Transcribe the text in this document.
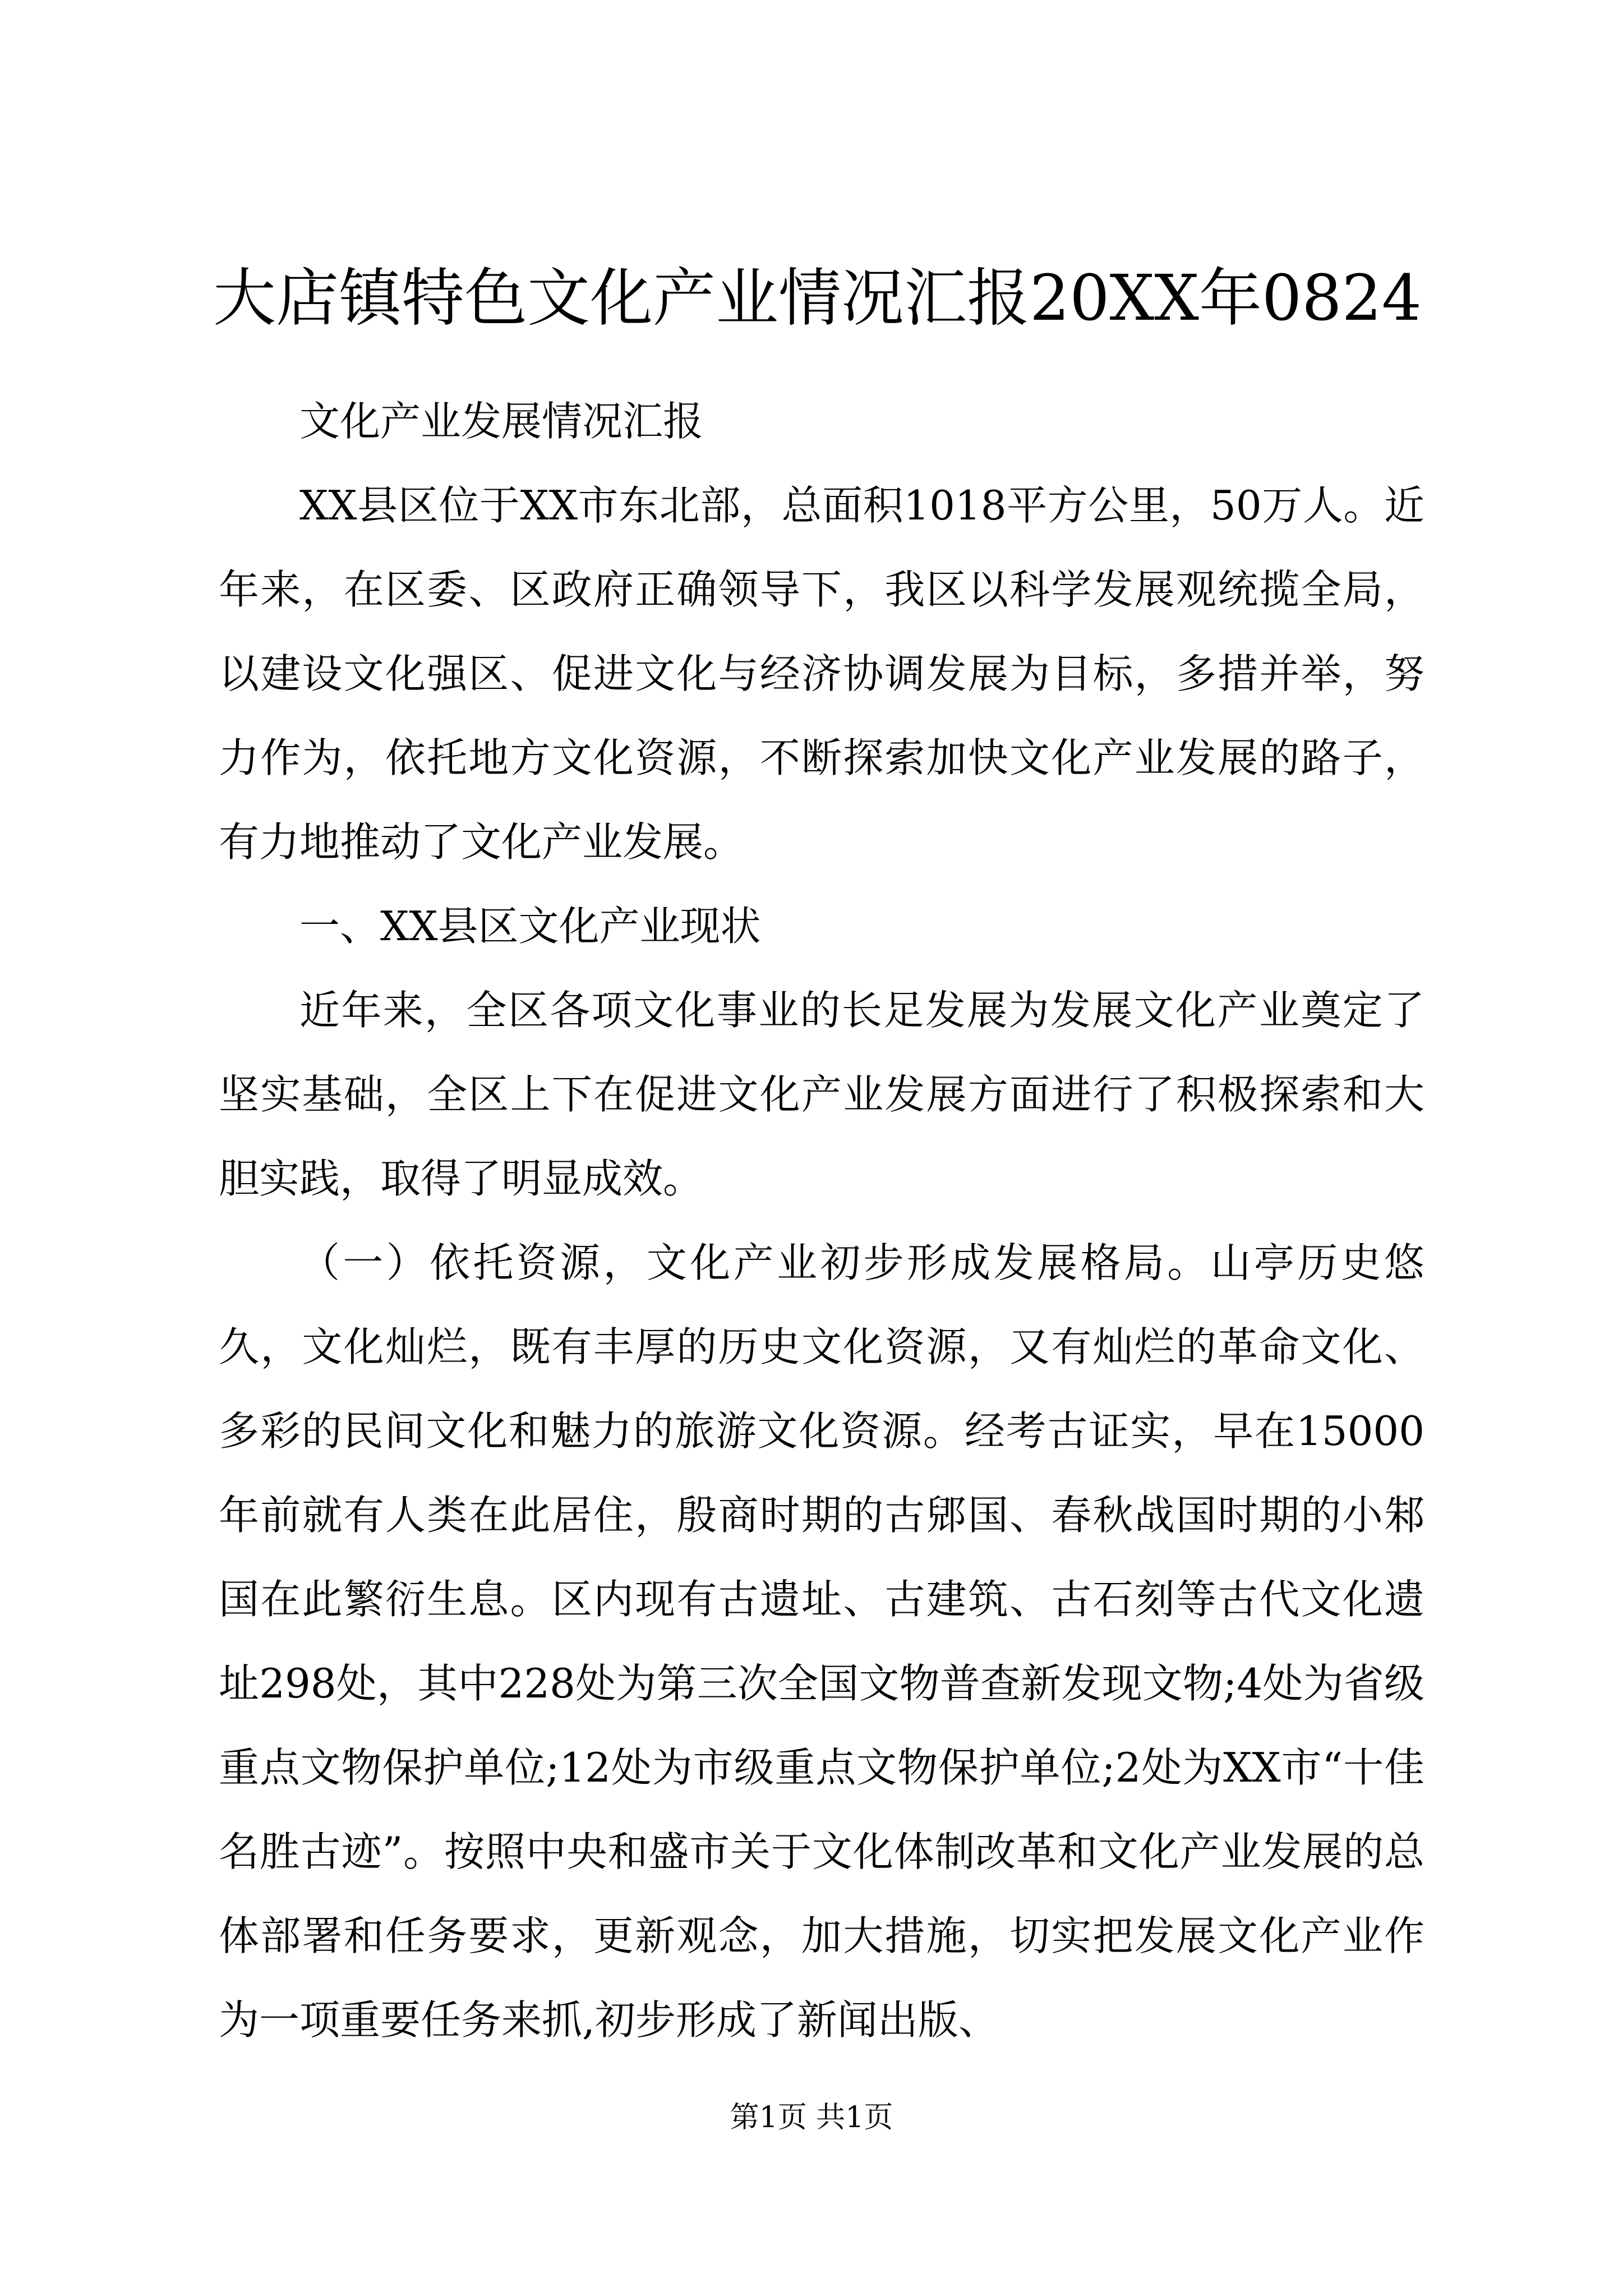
大店镇特色文化产业情况汇报20XX年0824

文化产业发展情况汇报

XX县区位于XX市东北部，总面积1018平方公里，50万人。近年来，在区委、区政府正确领导下，我区以科学发展观统揽全局，以建设文化强区、促进文化与经济协调发展为目标，多措并举，努力作为，依托地方文化资源，不断探索加快文化产业发展的路子，有力地推动了文化产业发展。

一、XX县区文化产业现状

近年来，全区各项文化事业的长足发展为发展文化产业奠定了坚实基础，全区上下在促进文化产业发展方面进行了积极探索和大胆实践，取得了明显成效。

（一）依托资源，文化产业初步形成发展格局。山亭历史悠久，文化灿烂，既有丰厚的历史文化资源，又有灿烂的革命文化、多彩的民间文化和魅力的旅游文化资源。经考古证实，早在15000年前就有人类在此居住，殷商时期的古郳国、春秋战国时期的小邾国在此繁衍生息。区内现有古遗址、古建筑、古石刻等古代文化遗址298处，其中228处为第三次全国文物普查新发现文物;4处为省级重点文物保护单位;12处为市级重点文物保护单位;2处为XX市“十佳名胜古迹”。按照中央和盛市关于文化体制改革和文化产业发展的总体部署和任务要求，更新观念，加大措施，切实把发展文化产业作为一项重要任务来抓,初步形成了新闻出版、

第1页 共1页
